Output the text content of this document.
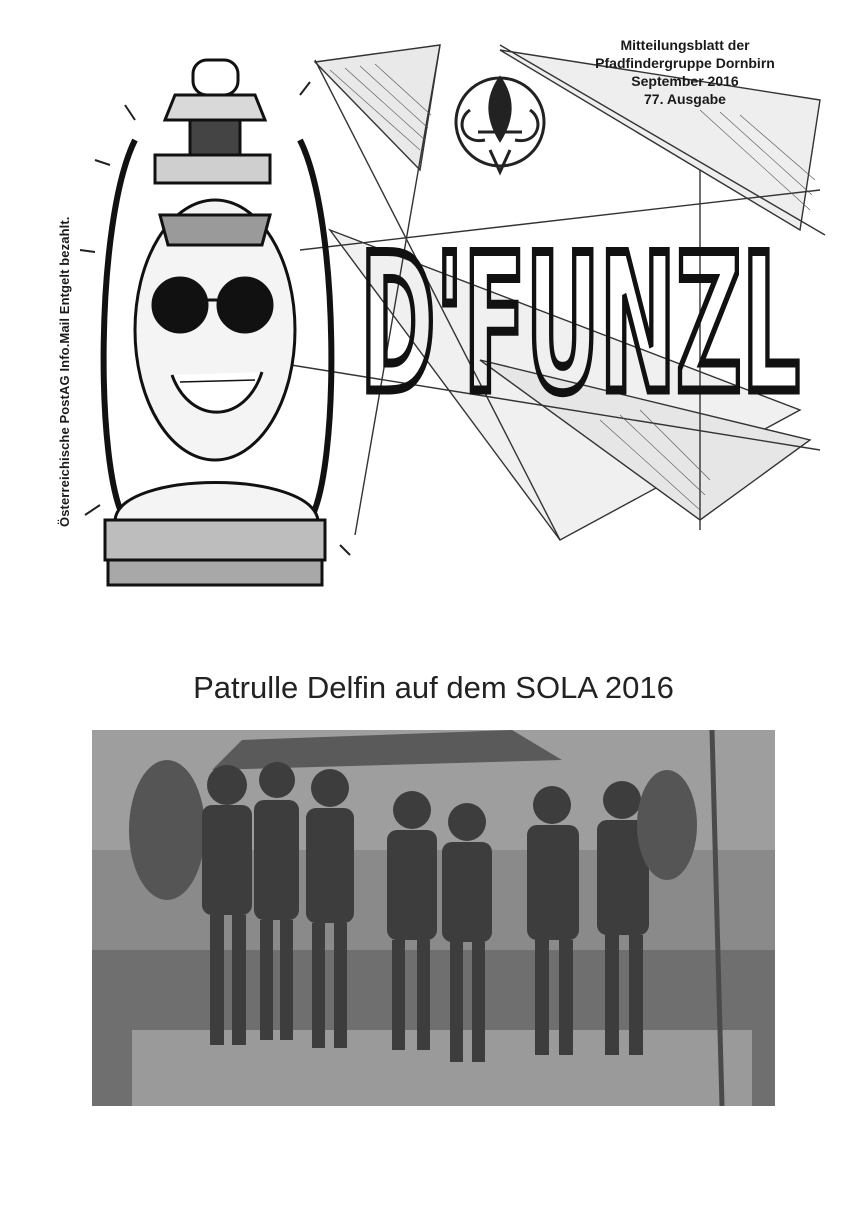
Österreichische PostAG Info.Mail Entgelt bezahlt. D'FUNZL
Mitteilungsblatt der
Pfadfindergruppe Dornbirn
September 2016
77. Ausgabe
Patrulle Delfin auf dem SOLA 2016
